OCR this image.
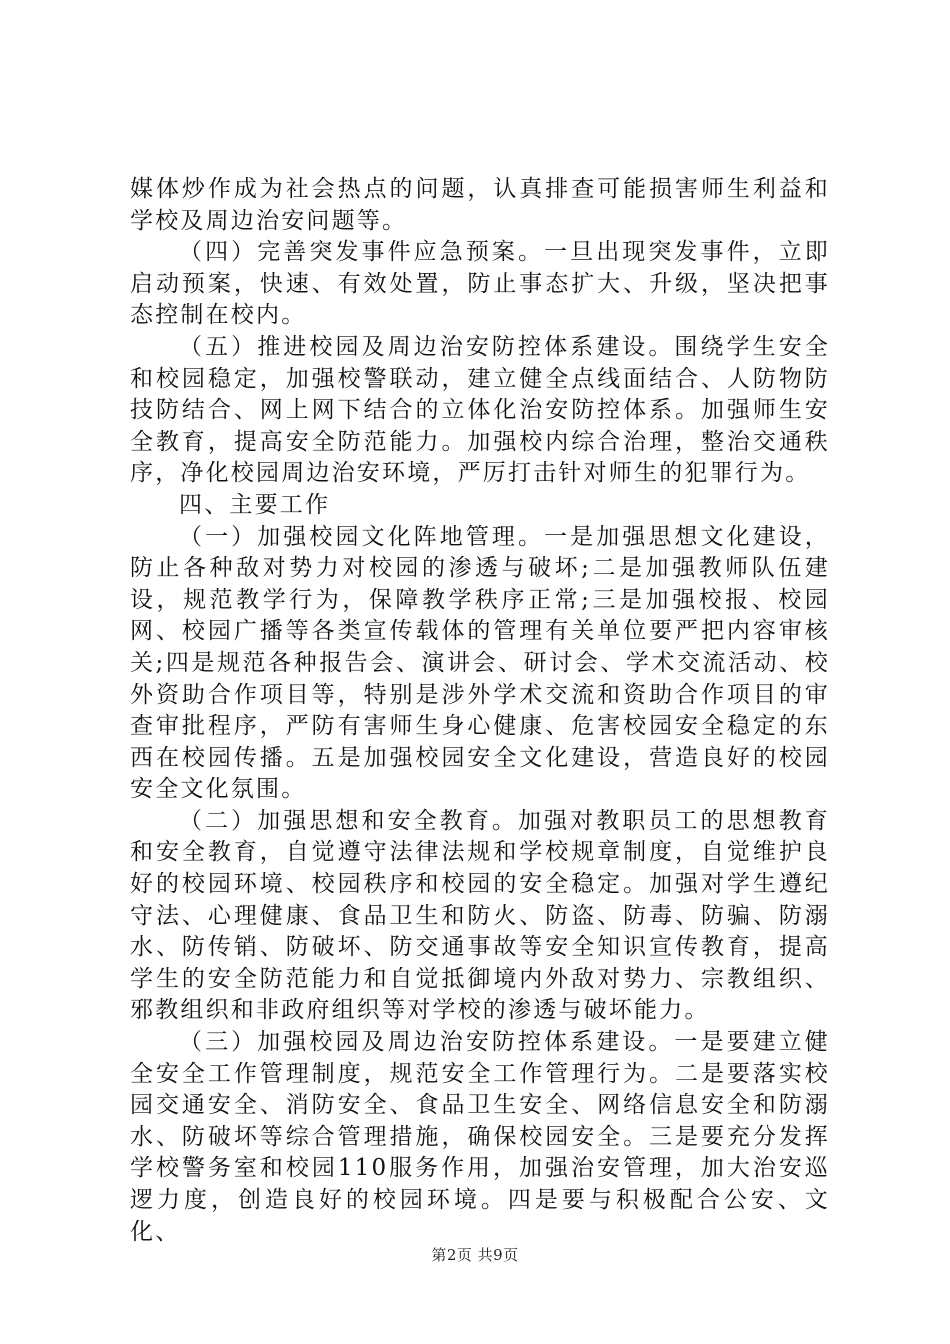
媒体炒作成为社会热点的问题，认真排查可能损害师生利益和学校及周边治安问题等。

（四）完善突发事件应急预案。一旦出现突发事件，立即启动预案，快速、有效处置，防止事态扩大、升级，坚决把事态控制在校内。

（五）推进校园及周边治安防控体系建设。围绕学生安全和校园稳定，加强校警联动，建立健全点线面结合、人防物防技防结合、网上网下结合的立体化治安防控体系。加强师生安全教育，提高安全防范能力。加强校内综合治理，整治交通秩序，净化校园周边治安环境，严厉打击针对师生的犯罪行为。

四、主要工作

（一）加强校园文化阵地管理。一是加强思想文化建设，防止各种敌对势力对校园的渗透与破坏;二是加强教师队伍建设，规范教学行为，保障教学秩序正常;三是加强校报、校园网、校园广播等各类宣传载体的管理有关单位要严把内容审核关;四是规范各种报告会、演讲会、研讨会、学术交流活动、校外资助合作项目等，特别是涉外学术交流和资助合作项目的审查审批程序，严防有害师生身心健康、危害校园安全稳定的东西在校园传播。五是加强校园安全文化建设，营造良好的校园安全文化氛围。

（二）加强思想和安全教育。加强对教职员工的思想教育和安全教育，自觉遵守法律法规和学校规章制度，自觉维护良好的校园环境、校园秩序和校园的安全稳定。加强对学生遵纪守法、心理健康、食品卫生和防火、防盗、防毒、防骗、防溺水、防传销、防破坏、防交通事故等安全知识宣传教育，提高学生的安全防范能力和自觉抵御境内外敌对势力、宗教组织、邪教组织和非政府组织等对学校的渗透与破坏能力。

（三）加强校园及周边治安防控体系建设。一是要建立健全安全工作管理制度，规范安全工作管理行为。二是要落实校园交通安全、消防安全、食品卫生安全、网络信息安全和防溺水、防破坏等综合管理措施，确保校园安全。三是要充分发挥学校警务室和校园110服务作用，加强治安管理，加大治安巡逻力度，创造良好的校园环境。四是要与积极配合公安、文化、

第2页 共9页
